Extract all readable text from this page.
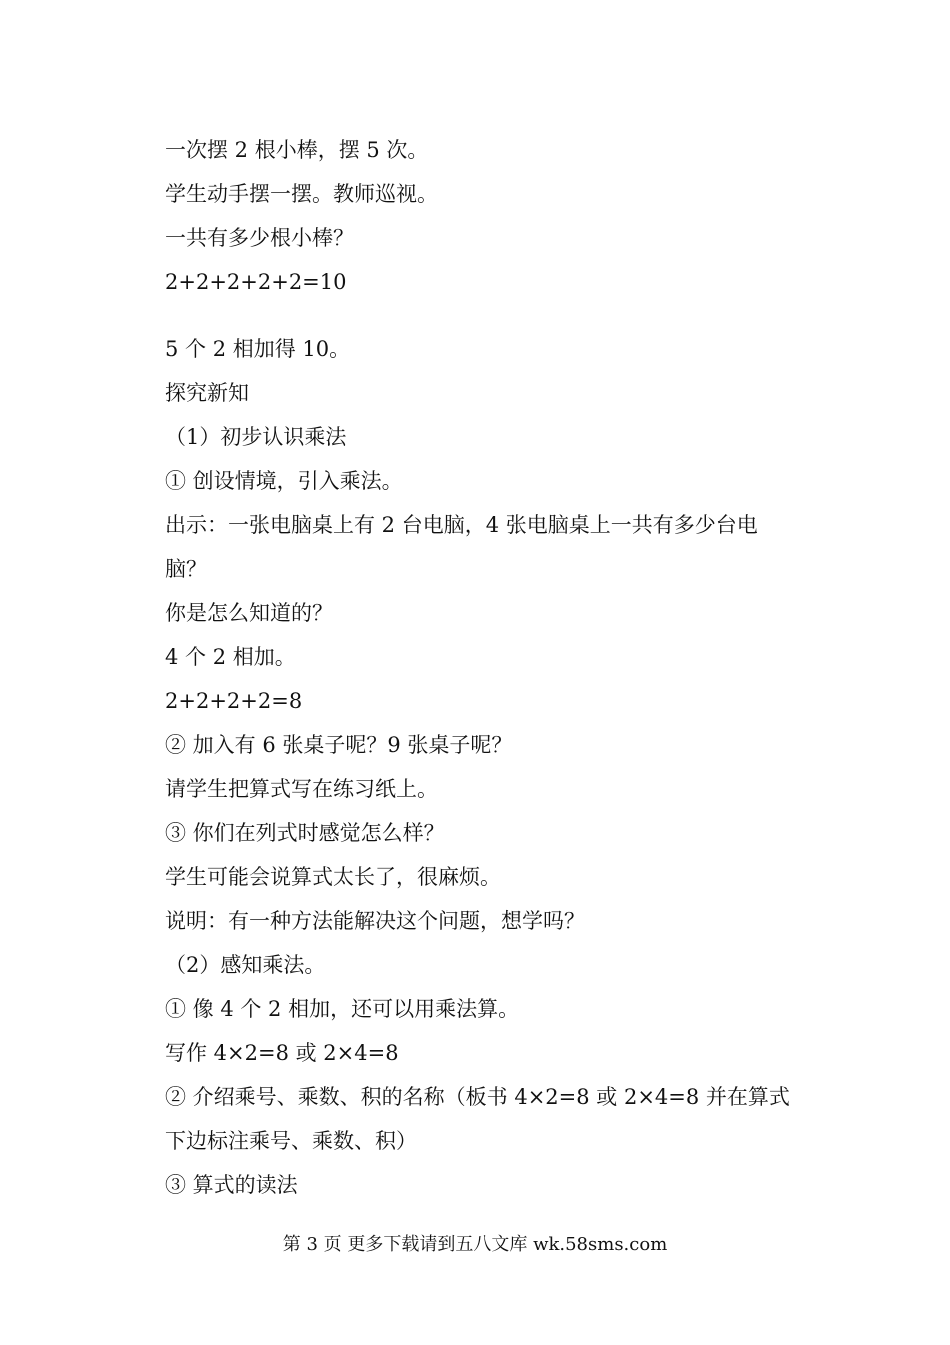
一次摆 2 根小棒，摆 5 次。

学生动手摆一摆。教师巡视。

一共有多少根小棒？

2+2+2+2+2=10

5 个 2 相加得 10。

探究新知

（1）初步认识乘法

① 创设情境，引入乘法。

出示：一张电脑桌上有 2 台电脑，4 张电脑桌上一共有多少台电

脑？

你是怎么知道的？

4 个 2 相加。

2+2+2+2=8

② 加入有 6 张桌子呢？9 张桌子呢？

请学生把算式写在练习纸上。

③ 你们在列式时感觉怎么样？

学生可能会说算式太长了，很麻烦。

说明：有一种方法能解决这个问题，想学吗？

（2）感知乘法。

① 像 4 个 2 相加，还可以用乘法算。

写作 4×2=8 或 2×4=8

② 介绍乘号、乘数、积的名称（板书 4×2=8 或 2×4=8 并在算式

下边标注乘号、乘数、积）

③ 算式的读法

第 3 页 更多下载请到五八文库 wk.58sms.com
